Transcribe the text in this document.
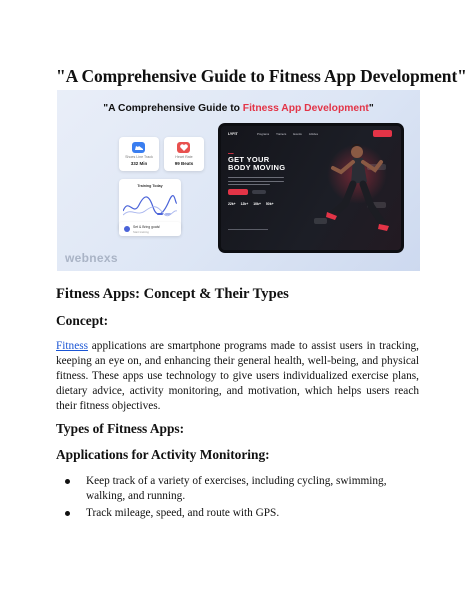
"A Comprehensive Guide to Fitness App Development"
"A Comprehensive Guide to Fitness App Development"
Shoes Line Track
332 Min
Heart Rate
99 Beats
Training Today
Set & Bring goals!
Start training
webnexs
LYFIT	Programs	Trainers	Events	Articles
▬▬
GET YOUR
BODY MOVING
22k+ 12k+ 10k+ 50k+
Fitness Apps: Concept & Their Types
Concept:
Fitness applications are smartphone programs made to assist users in tracking, keeping an eye on, and enhancing their general health, well-being, and physical fitness. These apps use technology to give users individualized exercise plans, dietary advice, activity monitoring, and motivation, which helps users reach their fitness objectives.
Types of Fitness Apps:
Applications for Activity Monitoring:
Keep track of a variety of exercises, including cycling, swimming, walking, and running.
Track mileage, speed, and route with GPS.
